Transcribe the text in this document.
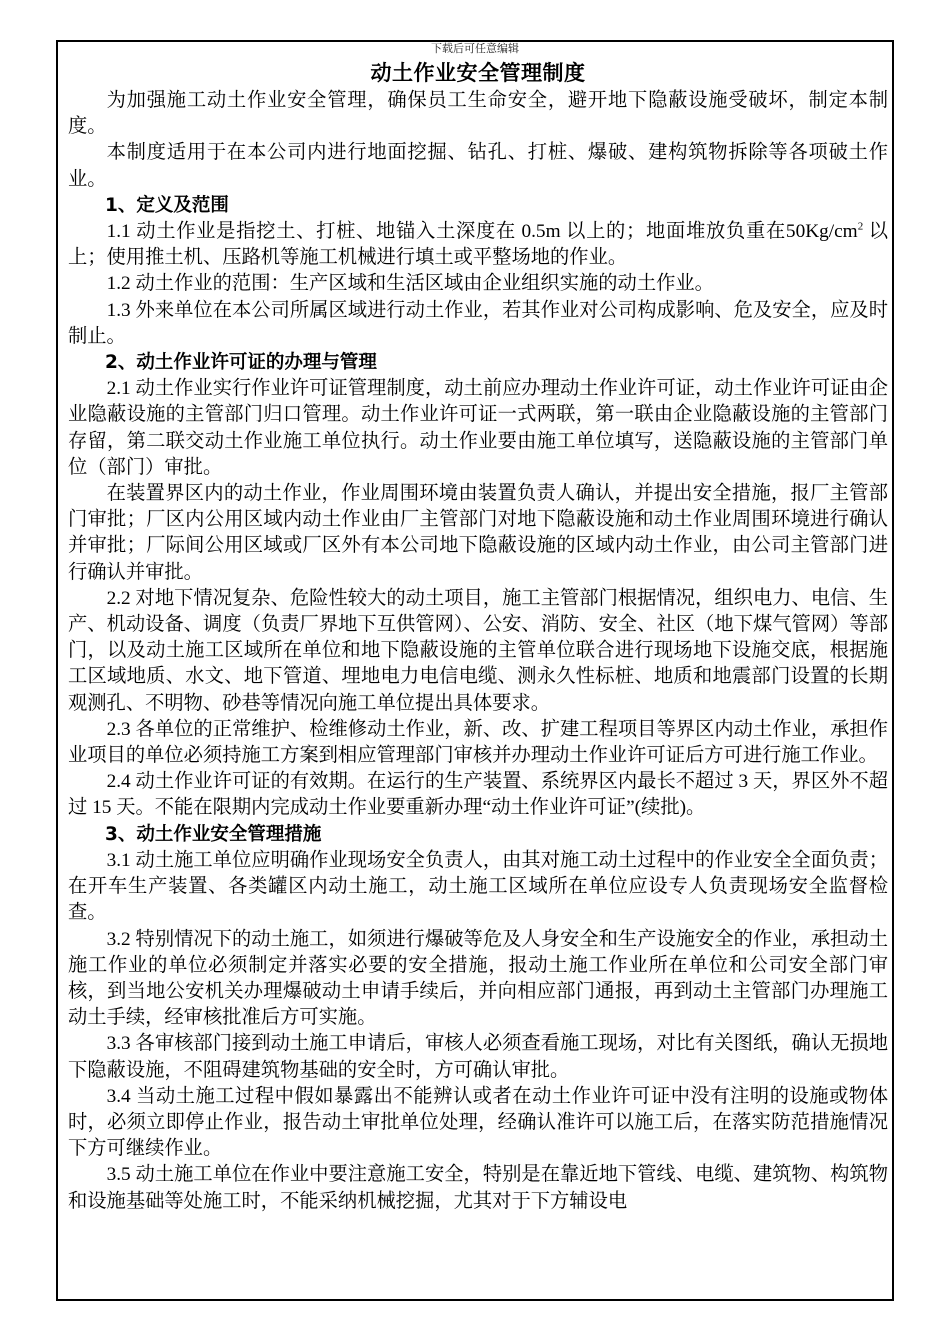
下载后可任意编辑
动土作业安全管理制度

为加强施工动土作业安全管理，确保员工生命安全，避开地下隐蔽设施受破坏，制定本制度。

本制度适用于在本公司内进行地面挖掘、钻孔、打桩、爆破、建构筑物拆除等各项破土作业。

1、定义及范围

1.1 动土作业是指挖土、打桩、地锚入土深度在 0.5m 以上的；地面堆放负重在$50Kg/cm^2$ 以上；使用推土机、压路机等施工机械进行填土或平整场地的作业。

1.2 动土作业的范围：生产区域和生活区域由企业组织实施的动土作业。

1.3 外来单位在本公司所属区域进行动土作业，若其作业对公司构成影响、危及安全，应及时制止。

2、动土作业许可证的办理与管理

2.1 动土作业实行作业许可证管理制度，动土前应办理动土作业许可证，动土作业许可证由企业隐蔽设施的主管部门归口管理。动土作业许可证一式两联，第一联由企业隐蔽设施的主管部门存留，第二联交动土作业施工单位执行。动土作业要由施工单位填写，送隐蔽设施的主管部门单位（部门）审批。

在装置界区内的动土作业，作业周围环境由装置负责人确认，并提出安全措施，报厂主管部门审批；厂区内公用区域内动土作业由厂主管部门对地下隐蔽设施和动土作业周围环境进行确认并审批；厂际间公用区域或厂区外有本公司地下隐蔽设施的区域内动土作业，由公司主管部门进行确认并审批。

2.2 对地下情况复杂、危险性较大的动土项目，施工主管部门根据情况，组织电力、电信、生产、机动设备、调度（负责厂界地下互供管网）、公安、消防、安全、社区（地下煤气管网）等部门，以及动土施工区域所在单位和地下隐蔽设施的主管单位联合进行现场地下设施交底，根据施工区域地质、水文、地下管道、埋地电力电信电缆、测永久性标桩、地质和地震部门设置的长期观测孔、不明物、砂巷等情况向施工单位提出具体要求。

2.3 各单位的正常维护、检维修动土作业，新、改、扩建工程项目等界区内动土作业，承担作业项目的单位必须持施工方案到相应管理部门审核并办理动土作业许可证后方可进行施工作业。

2.4 动土作业许可证的有效期。在运行的生产装置、系统界区内最长不超过 3 天，界区外不超过 15 天。不能在限期内完成动土作业要重新办理“动土作业许可证”(续批)。

3、动土作业安全管理措施

3.1 动土施工单位应明确作业现场安全负责人，由其对施工动土过程中的作业安全全面负责；在开车生产装置、各类罐区内动土施工，动土施工区域所在单位应设专人负责现场安全监督检查。

3.2 特别情况下的动土施工，如须进行爆破等危及人身安全和生产设施安全的作业，承担动土施工作业的单位必须制定并落实必要的安全措施，报动土施工作业所在单位和公司安全部门审核，到当地公安机关办理爆破动土申请手续后，并向相应部门通报，再到动土主管部门办理施工动土手续，经审核批准后方可实施。

3.3 各审核部门接到动土施工申请后，审核人必须查看施工现场，对比有关图纸，确认无损地下隐蔽设施，不阻碍建筑物基础的安全时，方可确认审批。

3.4 当动土施工过程中假如暴露出不能辨认或者在动土作业许可证中没有注明的设施或物体时，必须立即停止作业，报告动土审批单位处理，经确认准许可以施工后，在落实防范措施情况下方可继续作业。

3.5 动土施工单位在作业中要注意施工安全，特别是在靠近地下管线、电缆、建筑物、构筑物和设施基础等处施工时，不能采纳机械挖掘，尤其对于下方辅设电
